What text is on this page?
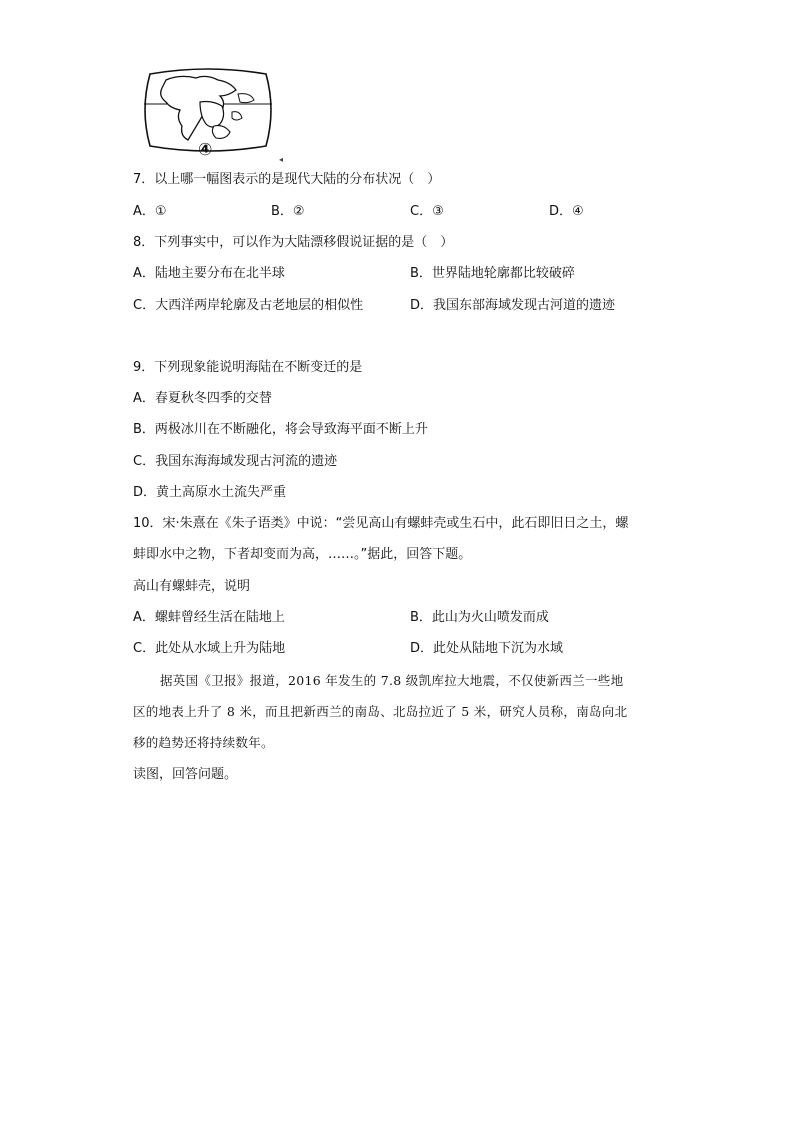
④	◂
7．以上哪一幅图表示的是现代大陆的分布状况（　）
A．①	B．②	C．③	D．④
8．下列事实中，可以作为大陆漂移假说证据的是（　）
A．陆地主要分布在北半球	B．世界陆地轮廓都比较破碎
C．大西洋两岸轮廓及古老地层的相似性	D．我国东部海域发现古河道的遗迹
9．下列现象能说明海陆在不断变迁的是
A．春夏秋冬四季的交替
B．两极冰川在不断融化，将会导致海平面不断上升
C．我国东海海域发现古河流的遗迹
D．黄土高原水土流失严重
10．宋·朱熹在《朱子语类》中说：“尝见高山有螺蚌壳或生石中，此石即旧日之土，螺
蚌即水中之物，下者却变而为高，……。”据此，回答下题。
高山有螺蚌壳，说明
A．螺蚌曾经生活在陆地上	B．此山为火山喷发而成
C．此处从水域上升为陆地	D．此处从陆地下沉为水域
据英国《卫报》报道，2016 年发生的 7.8 级凯库拉大地震，不仅使新西兰一些地
区的地表上升了 8 米，而且把新西兰的南岛、北岛拉近了 5 米，研究人员称，南岛向北
移的趋势还将持续数年。
读图，回答问题。
